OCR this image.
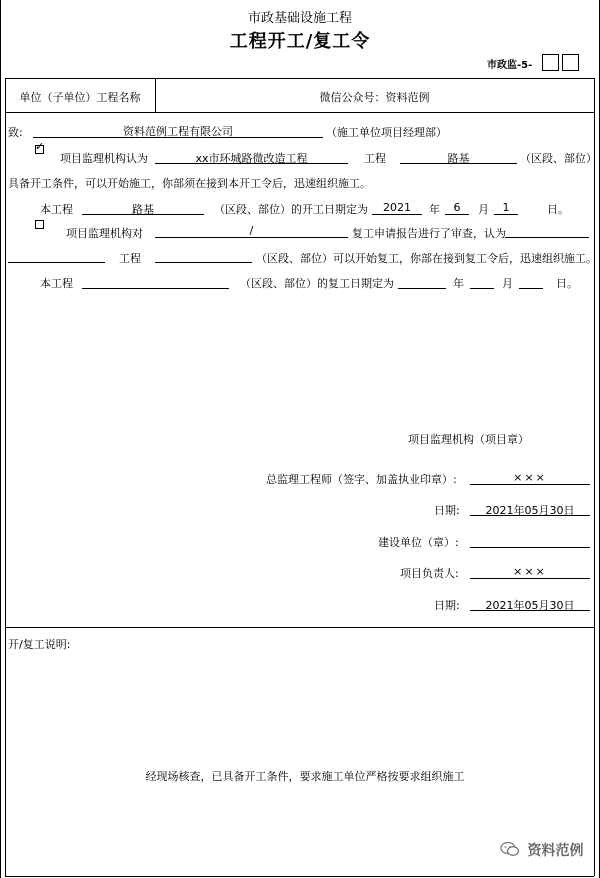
市政基础设施工程
工程开工/复工令
市政监-5-
单位（子单位）工程名称	微信公众号：资料范例
致:	资料范例工程有限公司	（施工单位项目经理部）
✓
项目监理机构认为	xx市环城路微改造工程	工程	路基	（区段、部位）
具备开工条件，可以开始施工，你部须在接到本开工令后，迅速组织施工。
本工程	路基	（区段、部位）的开工日期定为	2021	年	6	月	1	日。
项目监理机构对	/	复工申请报告进行了审查，认为
工程	（区段、部位）可以开始复工，你部在接到复工令后，迅速组织施工。
本工程	（区段、部位）的复工日期定为	年	月	日。
项目监理机构（项目章）
总监理工程师（签字、加盖执业印章）:	×××
日期:	2021年05月30日
建设单位（章）:
项目负责人:	×××
日期:	2021年05月30日
开/复工说明:
经现场核查，已具备开工条件，要求施工单位严格按要求组织施工
资料范例
